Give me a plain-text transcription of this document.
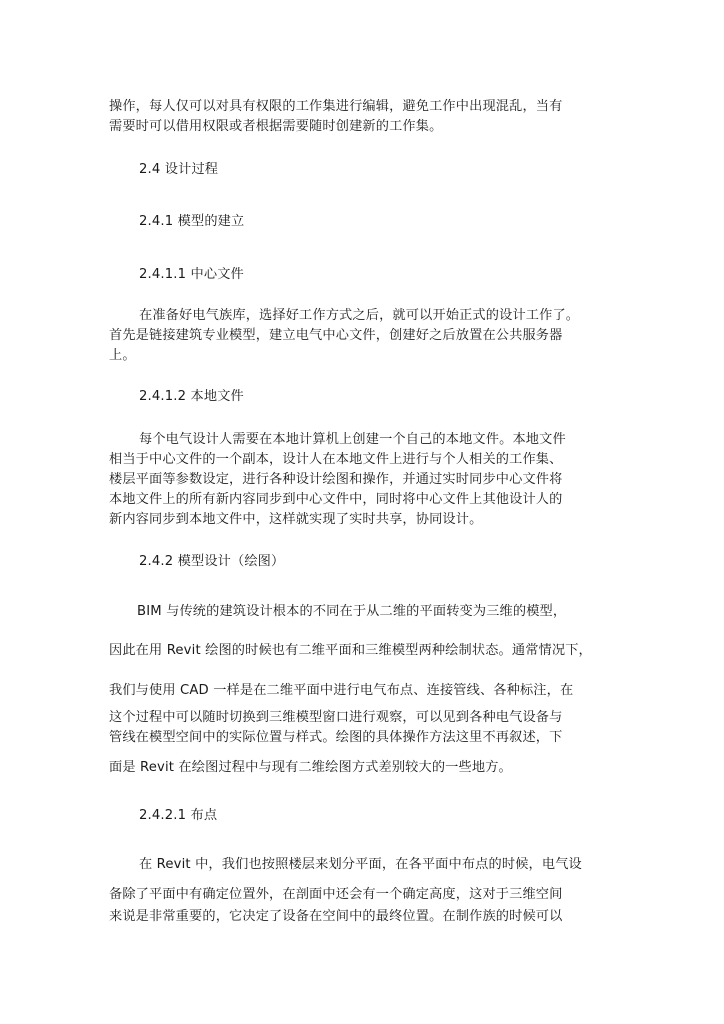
操作，每人仅可以对具有权限的工作集进行编辑，避免工作中出现混乱，当有
需要时可以借用权限或者根据需要随时创建新的工作集。
2.4 设计过程
2.4.1 模型的建立
2.4.1.1 中心文件
在准备好电气族库，选择好工作方式之后，就可以开始正式的设计工作了。
首先是链接建筑专业模型，建立电气中心文件，创建好之后放置在公共服务器
上。
2.4.1.2 本地文件
每个电气设计人需要在本地计算机上创建一个自己的本地文件。本地文件
相当于中心文件的一个副本，设计人在本地文件上进行与个人相关的工作集、
楼层平面等参数设定，进行各种设计绘图和操作，并通过实时同步中心文件将
本地文件上的所有新内容同步到中心文件中，同时将中心文件上其他设计人的
新内容同步到本地文件中，这样就实现了实时共享，协同设计。
2.4.2 模型设计（绘图）
BIM 与传统的建筑设计根本的不同在于从二维的平面转变为三维的模型，
因此在用 Revit 绘图的时候也有二维平面和三维模型两种绘制状态。通常情况下，
我们与使用 CAD 一样是在二维平面中进行电气布点、连接管线、各种标注，在
这个过程中可以随时切换到三维模型窗口进行观察，可以见到各种电气设备与
管线在模型空间中的实际位置与样式。绘图的具体操作方法这里不再叙述，下
面是 Revit 在绘图过程中与现有二维绘图方式差别较大的一些地方。
2.4.2.1 布点
在 Revit 中，我们也按照楼层来划分平面，在各平面中布点的时候，电气设
备除了平面中有确定位置外，在剖面中还会有一个确定高度，这对于三维空间
来说是非常重要的，它决定了设备在空间中的最终位置。在制作族的时候可以
